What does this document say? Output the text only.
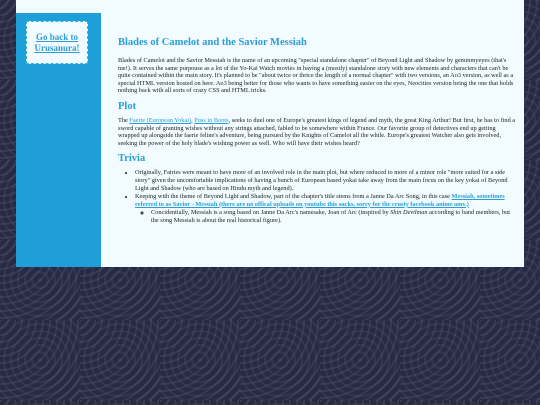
Go back to Urusanura!	Blades of Camelot and the Savior Messiah

Blades of Camelot and the Savior Messiah is the name of an upcoming "special standalone chapter" of Beyond Light and Shadow by geminmyeyes (that's me!). It serves the same purpouse as a lot of the Yo-Kai Watch movies in having a (mostly) standalone story with new elements and characters that can't be quite contained within the main story. It's planned to be "about twice or thrice the length of a normal chapter" with two versions, an Ao3 version, as well as a special HTML version hosted on here. Ao3 being better for those who wants to have something easier on the eyes, Neocities version being the one that holds nothing back with all sorts of crazy CSS and HTML tricks.

Plot

The Faerie (European Yokai), Puss in Boots, seeks to duel one of Europe's greatest kings of legend and myth, the great King Arthur! But first, he has to find a sword capable of granting wishes without any strings attached, fabled to be somewhere within France. Our favorite group of detectives end up getting wrapped up alongside the faerie feline's adventure, being pursued by the Knights of Camelot all the while. Europe's greatest Watcher also gets involved, seeking the power of the holy blade's wishing power as well. Who will have their wishes heard?

Trivia
• Originally, Fairies were meant to have more of an involved role in the main plot, but where reduced to more of a minor role "more suited for a side story" given the uncomfortable implications of having a bunch of European based yokai take away from the main focus on the key yokai of Beyond Light and Shadow (who are based on Hindu myth and legend).
• Keeping with the theme of Beyond Light and Shadow, part of the chapter's title stems from a Janne Da Arc Song, in this case Messiah, sometimes referred to as Savior - Messiah (there are no offical uploads on youtube this sucks, sorry for the crusty facebook anime amv.)
◦ Concidentially, Messiah is a song based on Janne Da Arc's namesake, Joan of Arc (inspired by Shin Devilman according to band members, but the song Messiah is about the real historical figure).
